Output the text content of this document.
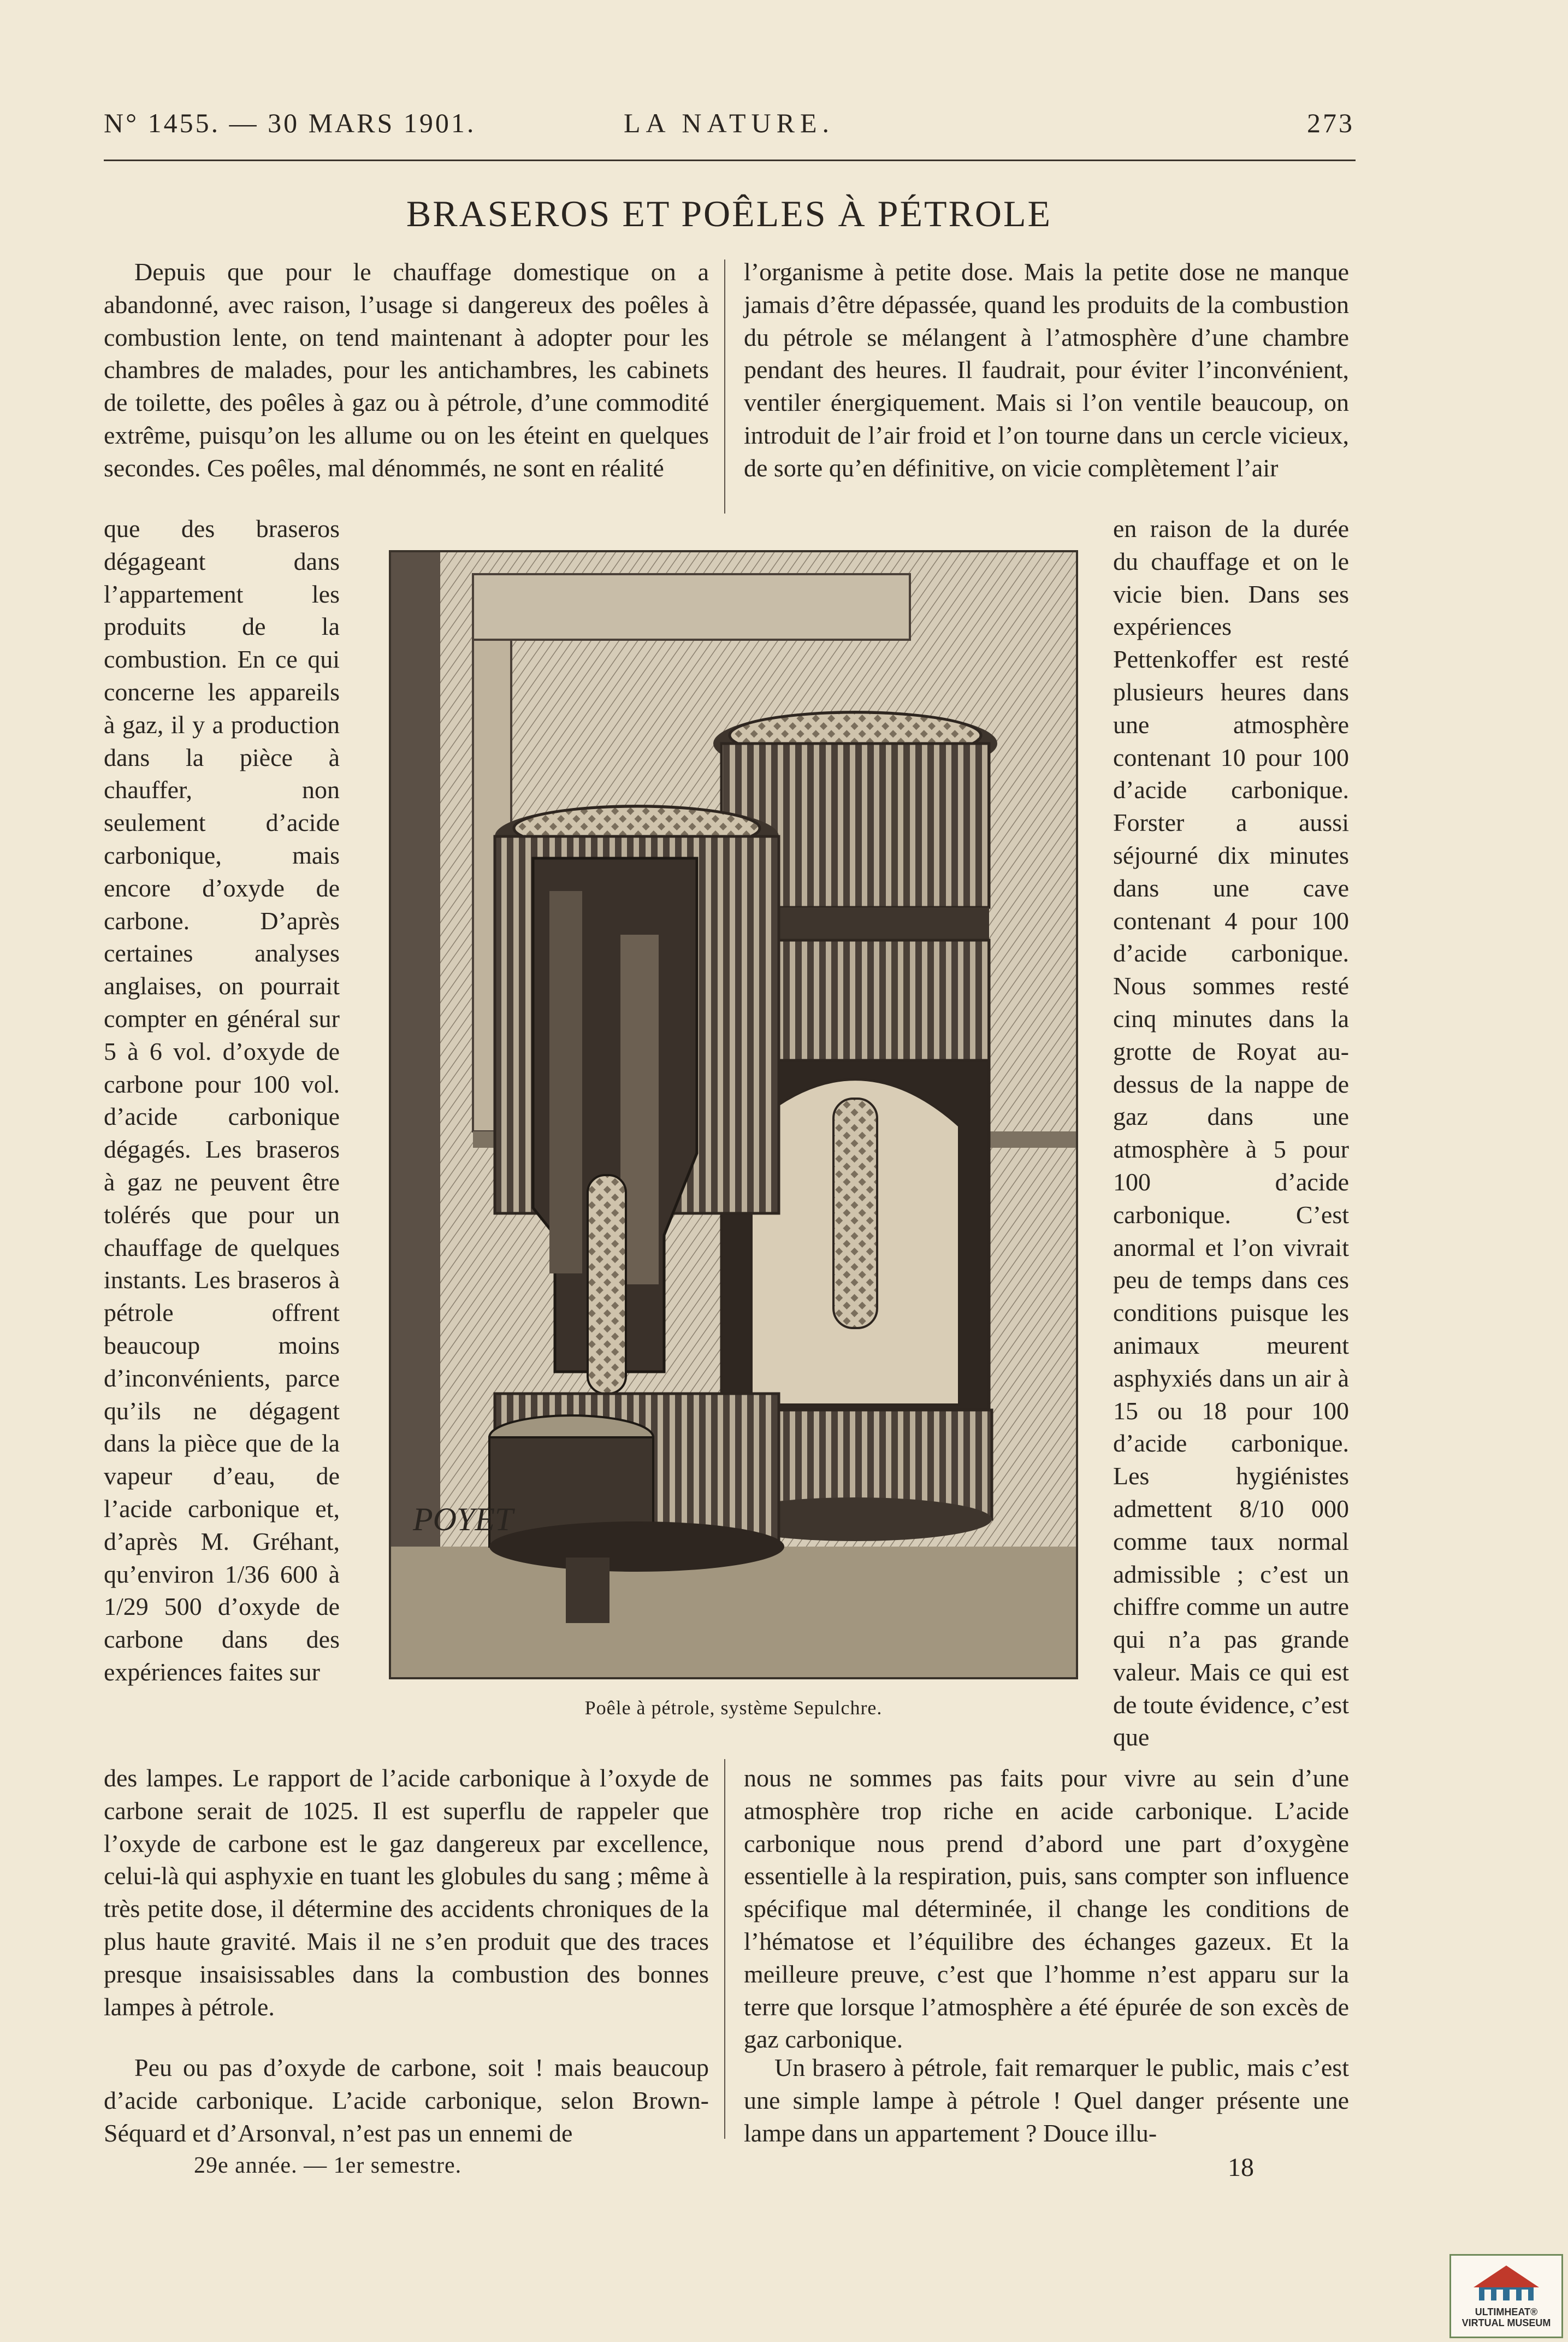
N° 1455. — 30 MARS 1901.	LA NATURE.	273
BRASEROS ET POÊLES À PÉTROLE

Depuis que pour le chauffage domestique on a abandonné, avec raison, l’usage si dangereux des poêles à combustion lente, on tend maintenant à adopter pour les chambres de malades, pour les antichambres, les cabinets de toilette, des poêles à gaz ou à pétrole, d’une commodité extrême, puisqu’on les allume ou on les éteint en quelques secondes. Ces poêles, mal dénommés, ne sont en réalité

que des braseros dégageant dans l’appartement les produits de la combustion. En ce qui concerne les appareils à gaz, il y a production dans la pièce à chauffer, non seulement d’acide carbonique, mais encore d’oxyde de carbone. D’après certaines analyses anglaises, on pourrait compter en général sur 5 à 6 vol. d’oxyde de carbone pour 100 vol. d’acide carbonique dégagés. Les braseros à gaz ne peuvent être tolérés que pour un chauffage de quelques instants. Les braseros à pétrole offrent beaucoup moins d’inconvénients, parce qu’ils ne dégagent dans la pièce que de la vapeur d’eau, de l’acide carbonique et, d’après M. Gréhant, qu’environ 1/36 600 à 1/29 500 d’oxyde de carbone dans des expériences faites sur

des lampes. Le rapport de l’acide carbonique à l’oxyde de carbone serait de 1025. Il est superflu de rappeler que l’oxyde de carbone est le gaz dangereux par excellence, celui-là qui asphyxie en tuant les globules du sang ; même à très petite dose, il détermine des accidents chroniques de la plus haute gravité. Mais il ne s’en produit que des traces presque insaisissables dans la combustion des bonnes lampes à pétrole.

Peu ou pas d’oxyde de carbone, soit ! mais beaucoup d’acide carbonique. L’acide carbonique, selon Brown-Séquard et d’Arsonval, n’est pas un ennemi de

l’organisme à petite dose. Mais la petite dose ne manque jamais d’être dépassée, quand les produits de la combustion du pétrole se mélangent à l’atmosphère d’une chambre pendant des heures. Il faudrait, pour éviter l’inconvénient, ventiler énergiquement. Mais si l’on ventile beaucoup, on introduit de l’air froid et l’on tourne dans un cercle vicieux, de sorte qu’en définitive, on vicie complètement l’air

en raison de la durée du chauffage et on le vicie bien. Dans ses expériences Pettenkoffer est resté plusieurs heures dans une atmosphère contenant 10 pour 100 d’acide carbonique. Forster a aussi séjourné dix minutes dans une cave contenant 4 pour 100 d’acide carbonique. Nous sommes resté cinq minutes dans la grotte de Royat au-dessus de la nappe de gaz dans une atmosphère à 5 pour 100 d’acide carbonique. C’est anormal et l’on vivrait peu de temps dans ces conditions puisque les animaux meurent asphyxiés dans un air à 15 ou 18 pour 100 d’acide carbonique. Les hygiénistes admettent 8/10 000 comme taux normal admissible ; c’est un chiffre comme un autre qui n’a pas grande valeur. Mais ce qui est de toute évidence, c’est que

nous ne sommes pas faits pour vivre au sein d’une atmosphère trop riche en acide carbonique. L’acide carbonique nous prend d’abord une part d’oxygène essentielle à la respiration, puis, sans compter son influence spécifique mal déterminée, il change les conditions de l’hématose et l’équilibre des échanges gazeux. Et la meilleure preuve, c’est que l’homme n’est apparu sur la terre que lorsque l’atmosphère a été épurée de son excès de gaz carbonique.

Un brasero à pétrole, fait remarquer le public, mais c’est une simple lampe à pétrole ! Quel danger présente une lampe dans un appartement ? Douce illu-

POYET
Poêle à pétrole, système Sepulchre.
29e année. — 1er semestre.	18
ULTIMHEAT®
VIRTUAL MUSEUM
